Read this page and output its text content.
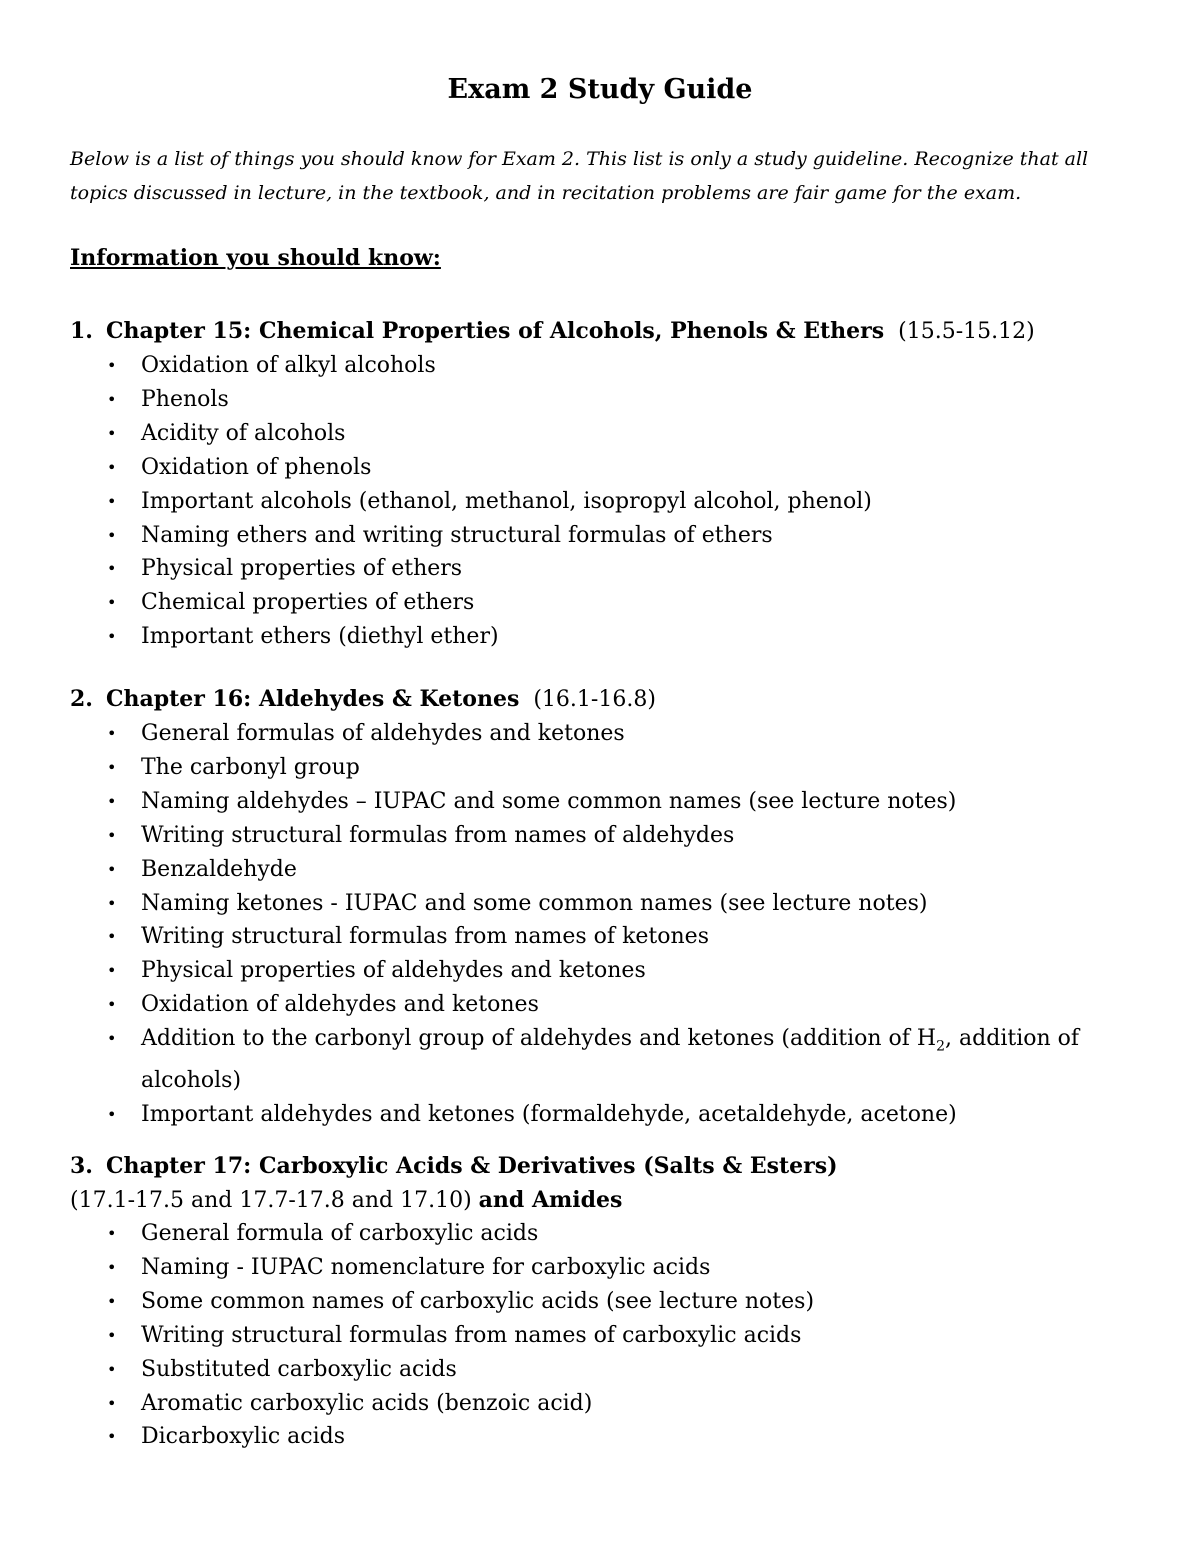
Exam 2 Study Guide
Below is a list of things you should know for Exam 2. This list is only a study guideline. Recognize that all topics discussed in lecture, in the textbook, and in recitation problems are fair game for the exam.
Information you should know:
1. Chapter 15: Chemical Properties of Alcohols, Phenols & Ethers (15.5-15.12)
• Oxidation of alkyl alcohols
• Phenols
• Acidity of alcohols
• Oxidation of phenols
• Important alcohols (ethanol, methanol, isopropyl alcohol, phenol)
• Naming ethers and writing structural formulas of ethers
• Physical properties of ethers
• Chemical properties of ethers
• Important ethers (diethyl ether)
2. Chapter 16: Aldehydes & Ketones (16.1-16.8)
• General formulas of aldehydes and ketones
• The carbonyl group
• Naming aldehydes – IUPAC and some common names (see lecture notes)
• Writing structural formulas from names of aldehydes
• Benzaldehyde
• Naming ketones - IUPAC and some common names (see lecture notes)
• Writing structural formulas from names of ketones
• Physical properties of aldehydes and ketones
• Oxidation of aldehydes and ketones
• Addition to the carbonyl group of aldehydes and ketones (addition of $H_2$, addition of alcohols)
• Important aldehydes and ketones (formaldehyde, acetaldehyde, acetone)
3. Chapter 17: Carboxylic Acids & Derivatives (Salts & Esters)
(17.1-17.5 and 17.7-17.8 and 17.10) and Amides
• General formula of carboxylic acids
• Naming - IUPAC nomenclature for carboxylic acids
• Some common names of carboxylic acids (see lecture notes)
• Writing structural formulas from names of carboxylic acids
• Substituted carboxylic acids
• Aromatic carboxylic acids (benzoic acid)
• Dicarboxylic acids
